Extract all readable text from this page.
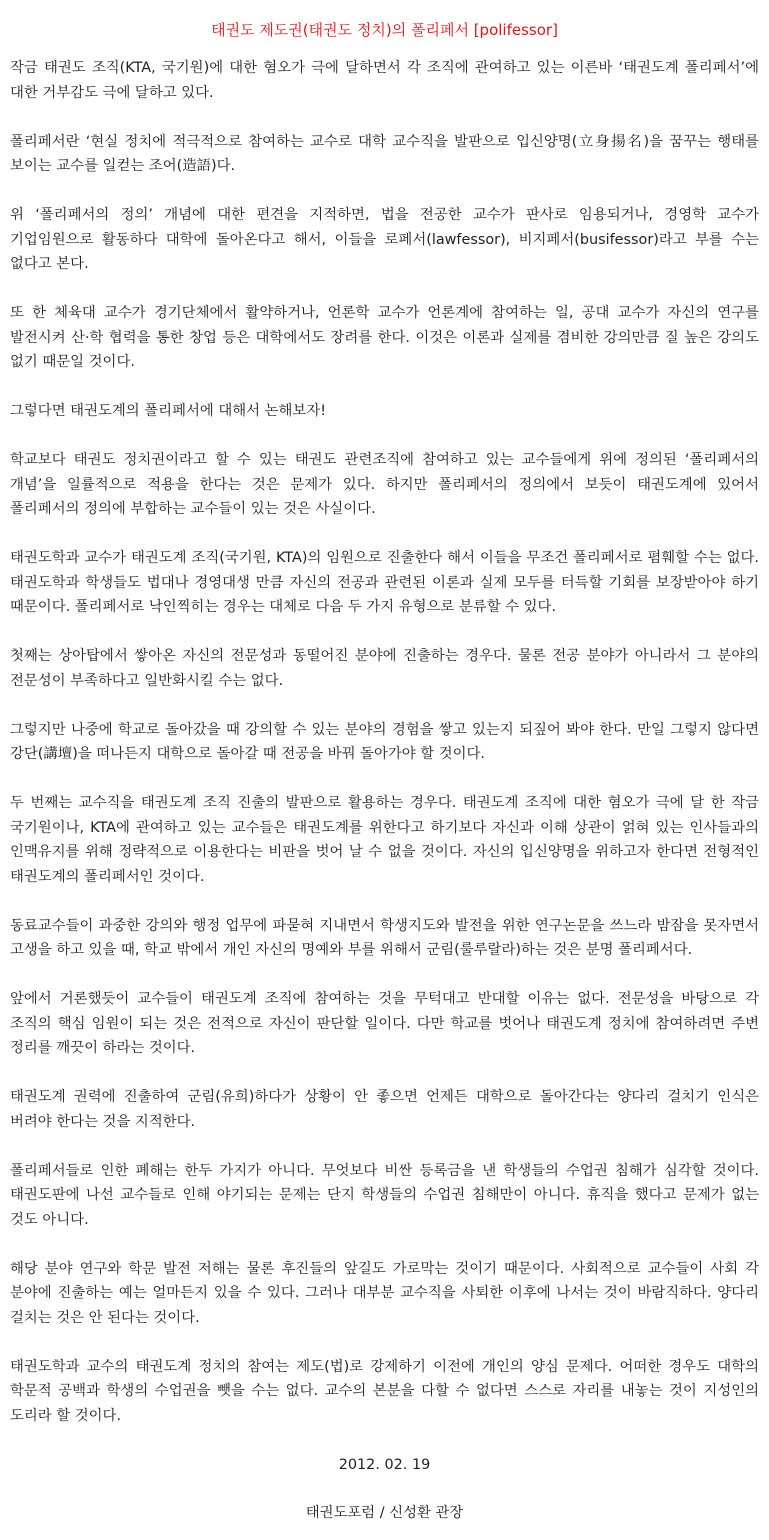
태권도 제도권(태권도 정치)의 폴리페서 [polifessor]

작금 태권도 조직(KTA, 국기원)에 대한 혐오가 극에 달하면서 각 조직에 관여하고 있는 이른바 ‘태권도계 폴리페서’에 대한 거부감도 극에 달하고 있다.

폴리페서란 ‘현실 정치에 적극적으로 참여하는 교수로 대학 교수직을 발판으로 입신양명(立身揚名)을 꿈꾸는 행태를 보이는 교수를 일컫는 조어(造語)다.

위 ‘폴리페서의 정의’ 개념에 대한 편견을 지적하면, 법을 전공한 교수가 판사로 임용되거나, 경영학 교수가 기업임원으로 활동하다 대학에 돌아온다고 해서, 이들을 로페서(lawfessor), 비지페서(busifessor)라고 부를 수는 없다고 본다.

또 한 체육대 교수가 경기단체에서 활약하거나, 언론학 교수가 언론계에 참여하는 일, 공대 교수가 자신의 연구를 발전시켜 산·학 협력을 통한 창업 등은 대학에서도 장려를 한다. 이것은 이론과 실제를 겸비한 강의만큼 질 높은 강의도 없기 때문일 것이다.

그렇다면 태권도계의 폴리페서에 대해서 논해보자!

학교보다 태권도 정치권이라고 할 수 있는 태권도 관련조직에 참여하고 있는 교수들에게 위에 정의된 ‘폴리페서의 개념’을 일률적으로 적용을 한다는 것은 문제가 있다. 하지만 폴리페서의 정의에서 보듯이 태권도계에 있어서 폴리페서의 정의에 부합하는 교수들이 있는 것은 사실이다.

태권도학과 교수가 태권도계 조직(국기원, KTA)의 임원으로 진출한다 해서 이들을 무조건 폴리페서로 폄훼할 수는 없다. 태권도학과 학생들도 법대나 경영대생 만큼 자신의 전공과 관련된 이론과 실제 모두를 터득할 기회를 보장받아야 하기 때문이다. 폴리페서로 낙인찍히는 경우는 대체로 다음 두 가지 유형으로 분류할 수 있다.

첫째는 상아탑에서 쌓아온 자신의 전문성과 동떨어진 분야에 진출하는 경우다. 물론 전공 분야가 아니라서 그 분야의 전문성이 부족하다고 일반화시킬 수는 없다.

그렇지만 나중에 학교로 돌아갔을 때 강의할 수 있는 분야의 경험을 쌓고 있는지 되짚어 봐야 한다. 만일 그렇지 않다면 강단(講壇)을 떠나든지 대학으로 돌아갈 때 전공을 바꿔 돌아가야 할 것이다.

두 번째는 교수직을 태권도계 조직 진출의 발판으로 활용하는 경우다. 태권도계 조직에 대한 혐오가 극에 달 한 작금 국기원이나, KTA에 관여하고 있는 교수들은 태권도계를 위한다고 하기보다 자신과 이해 상관이 얽혀 있는 인사들과의 인맥유지를 위해 정략적으로 이용한다는 비판을 벗어 날 수 없을 것이다. 자신의 입신양명을 위하고자 한다면 전형적인 태권도계의 폴리페서인 것이다.

동료교수들이 과중한 강의와 행정 업무에 파묻혀 지내면서 학생지도와 발전을 위한 연구논문을 쓰느라 밤잠을 못자면서 고생을 하고 있을 때, 학교 밖에서 개인 자신의 명예와 부를 위해서 군림(룰루랄라)하는 것은 분명 폴리페서다.

앞에서 거론했듯이 교수들이 태권도계 조직에 참여하는 것을 무턱대고 반대할 이유는 없다. 전문성을 바탕으로 각 조직의 핵심 임원이 되는 것은 전적으로 자신이 판단할 일이다. 다만 학교를 벗어나 태권도계 정치에 참여하려면 주변 정리를 깨끗이 하라는 것이다.

태권도계 권력에 진출하여 군림(유희)하다가 상황이 안 좋으면 언제든 대학으로 돌아간다는 양다리 걸치기 인식은 버려야 한다는 것을 지적한다.

폴리페서들로 인한 폐해는 한두 가지가 아니다. 무엇보다 비싼 등록금을 낸 학생들의 수업권 침해가 심각할 것이다. 태권도판에 나선 교수들로 인해 야기되는 문제는 단지 학생들의 수업권 침해만이 아니다. 휴직을 했다고 문제가 없는 것도 아니다.

해당 분야 연구와 학문 발전 저해는 물론 후진들의 앞길도 가로막는 것이기 때문이다. 사회적으로 교수들이 사회 각 분야에 진출하는 예는 얼마든지 있을 수 있다. 그러나 대부분 교수직을 사퇴한 이후에 나서는 것이 바람직하다. 양다리 걸치는 것은 안 된다는 것이다.

태권도학과 교수의 태권도계 정치의 참여는 제도(법)로 강제하기 이전에 개인의 양심 문제다. 어떠한 경우도 대학의 학문적 공백과 학생의 수업권을 뺏을 수는 없다. 교수의 본분을 다할 수 없다면 스스로 자리를 내놓는 것이 지성인의 도리라 할 것이다.

2012. 02. 19

태권도포럼 / 신성환 관장
